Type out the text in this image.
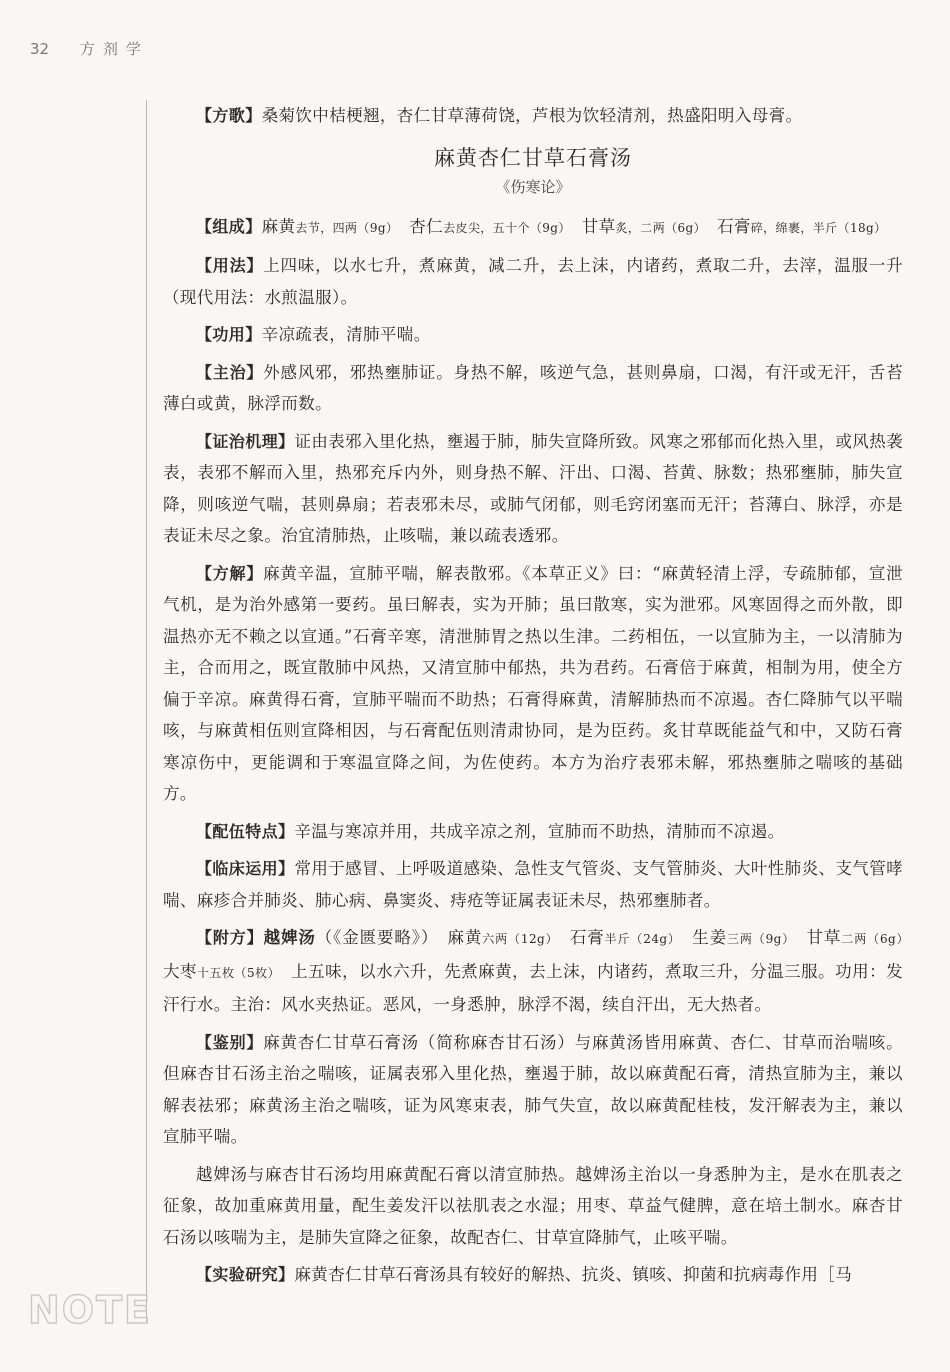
32 方剂学
NOTE

【方歌】桑菊饮中桔梗翘，杏仁甘草薄荷饶，芦根为饮轻清剂，热盛阳明入母膏。

麻黄杏仁甘草石膏汤
《伤寒论》

【组成】麻黄去节，四两（9g）　 杏仁去皮尖，五十个（9g）　 甘草炙，二两（6g）　 石膏碎，绵裹，半斤（18g）

【用法】上四味，以水七升，煮麻黄，减二升，去上沫，内诸药，煮取二升，去滓，温服一升（现代用法：水煎温服）。

【功用】辛凉疏表，清肺平喘。

【主治】外感风邪，邪热壅肺证。身热不解，咳逆气急，甚则鼻扇，口渴，有汗或无汗，舌苔薄白或黄，脉浮而数。

【证治机理】证由表邪入里化热，壅遏于肺，肺失宣降所致。风寒之邪郁而化热入里，或风热袭表，表邪不解而入里，热邪充斥内外，则身热不解、汗出、口渴、苔黄、脉数；热邪壅肺，肺失宣降，则咳逆气喘，甚则鼻扇；若表邪未尽，或肺气闭郁，则毛窍闭塞而无汗；苔薄白、脉浮，亦是表证未尽之象。治宜清肺热，止咳喘，兼以疏表透邪。

【方解】麻黄辛温，宣肺平喘，解表散邪。《本草正义》曰：“麻黄轻清上浮，专疏肺郁，宣泄气机，是为治外感第一要药。虽曰解表，实为开肺；虽曰散寒，实为泄邪。风寒固得之而外散，即温热亦无不赖之以宣通。”石膏辛寒，清泄肺胃之热以生津。二药相伍，一以宣肺为主，一以清肺为主，合而用之，既宣散肺中风热，又清宣肺中郁热，共为君药。石膏倍于麻黄，相制为用，使全方偏于辛凉。麻黄得石膏，宣肺平喘而不助热；石膏得麻黄，清解肺热而不凉遏。杏仁降肺气以平喘咳，与麻黄相伍则宣降相因，与石膏配伍则清肃协同，是为臣药。炙甘草既能益气和中，又防石膏寒凉伤中，更能调和于寒温宣降之间，为佐使药。本方为治疗表邪未解，邪热壅肺之喘咳的基础方。

【配伍特点】辛温与寒凉并用，共成辛凉之剂，宣肺而不助热，清肺而不凉遏。

【临床运用】常用于感冒、上呼吸道感染、急性支气管炎、支气管肺炎、大叶性肺炎、支气管哮喘、麻疹合并肺炎、肺心病、鼻窦炎、痔疮等证属表证未尽，热邪壅肺者。

【附方】越婢汤（《金匮要略》）　 麻黄六两（12g）　 石膏半斤（24g）　 生姜三两（9g）　 甘草二两（6g）　大枣十五枚（5枚）　 上五味，以水六升，先煮麻黄，去上沫，内诸药，煮取三升，分温三服。功用：发汗行水。主治：风水夹热证。恶风，一身悉肿，脉浮不渴，续自汗出，无大热者。

【鉴别】麻黄杏仁甘草石膏汤（简称麻杏甘石汤）与麻黄汤皆用麻黄、杏仁、甘草而治喘咳。但麻杏甘石汤主治之喘咳，证属表邪入里化热，壅遏于肺，故以麻黄配石膏，清热宣肺为主，兼以解表祛邪；麻黄汤主治之喘咳，证为风寒束表，肺气失宣，故以麻黄配桂枝，发汗解表为主，兼以宣肺平喘。

越婢汤与麻杏甘石汤均用麻黄配石膏以清宣肺热。越婢汤主治以一身悉肿为主，是水在肌表之征象，故加重麻黄用量，配生姜发汗以祛肌表之水湿；用枣、草益气健脾，意在培土制水。麻杏甘石汤以咳喘为主，是肺失宣降之征象，故配杏仁、甘草宣降肺气，止咳平喘。

【实验研究】麻黄杏仁甘草石膏汤具有较好的解热、抗炎、镇咳、抑菌和抗病毒作用［马
